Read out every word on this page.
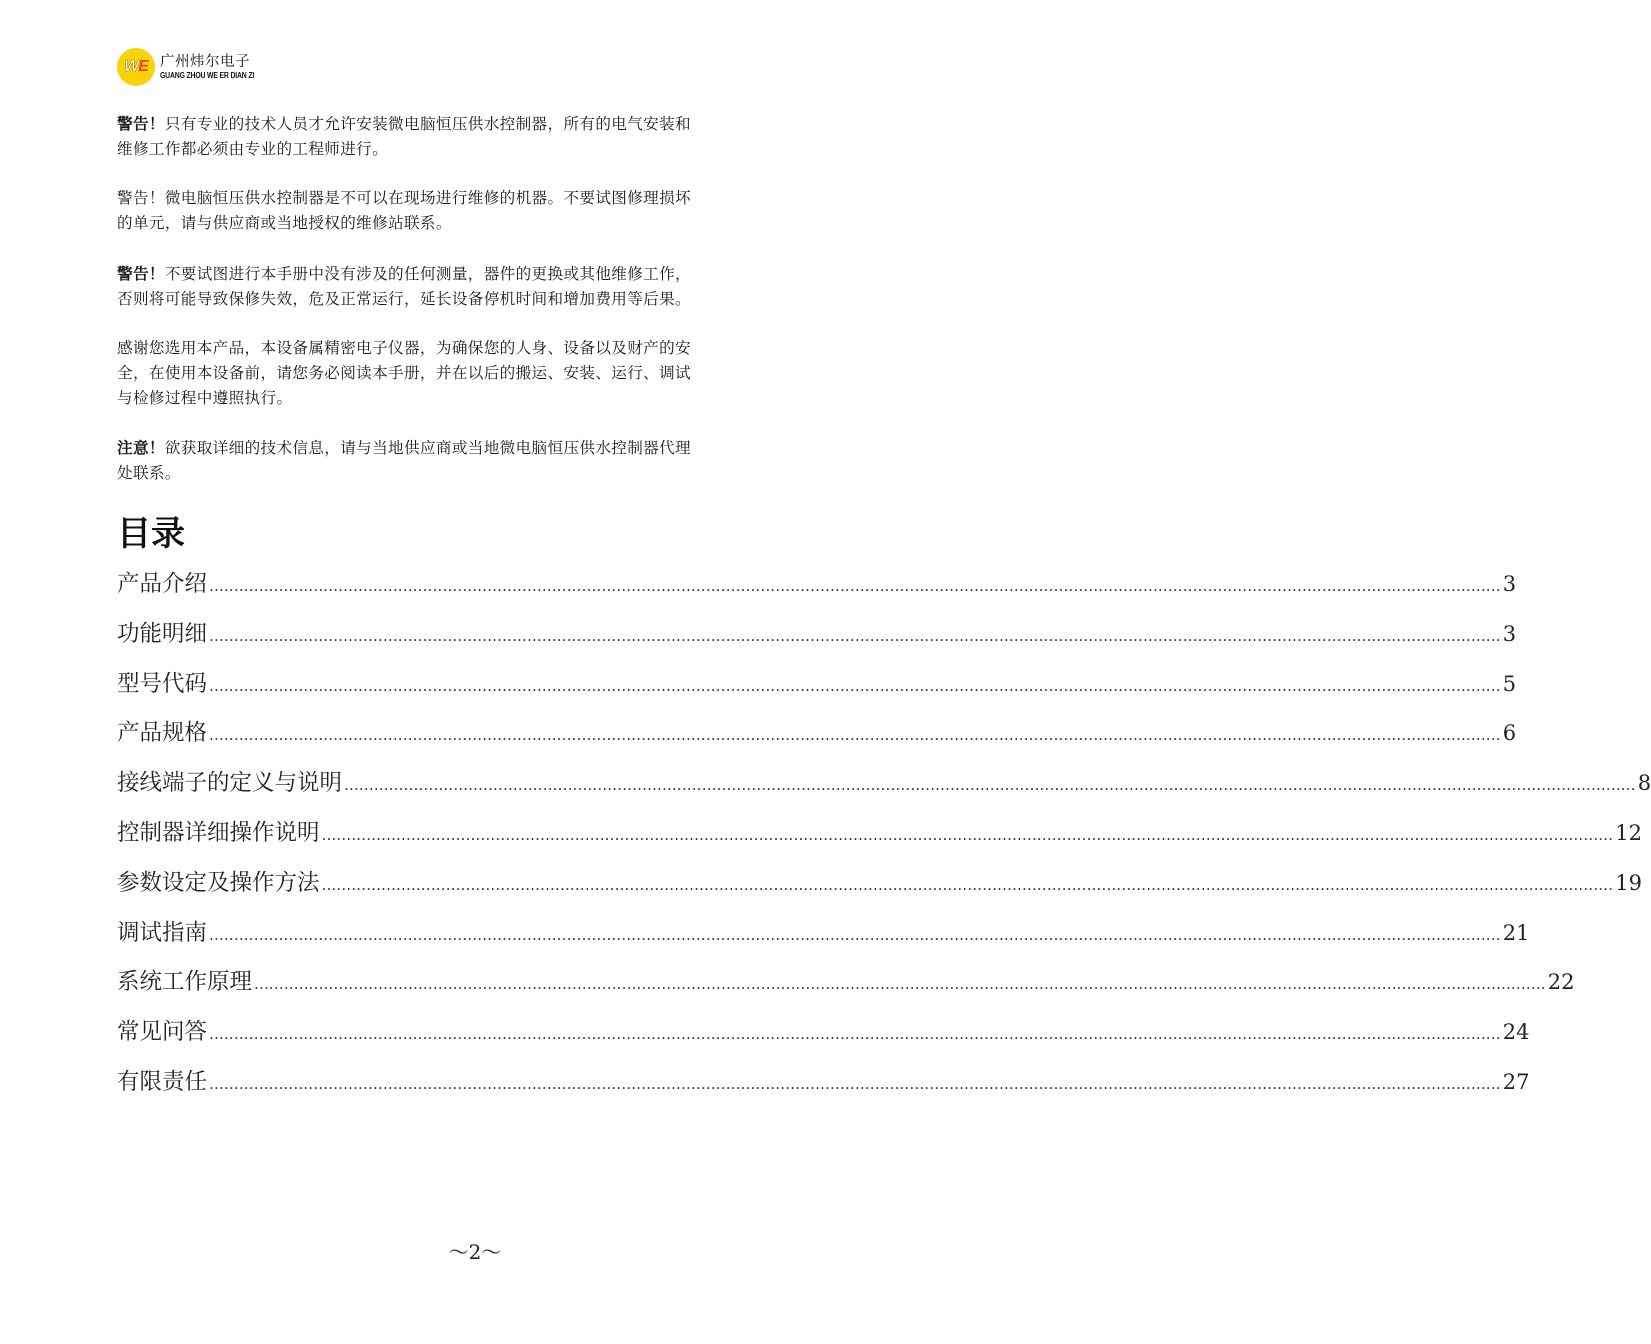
W E 广州炜尔电子
GUANG ZHOU WE ER DIAN ZI
警告！只有专业的技术人员才允许安装微电脑恒压供水控制器，所有的电气安装和
维修工作都必须由专业的工程师进行。
警告！微电脑恒压供水控制器是不可以在现场进行维修的机器。不要试图修理损坏
的单元，请与供应商或当地授权的维修站联系。
警告！不要试图进行本手册中没有涉及的任何测量，器件的更换或其他维修工作，
否则将可能导致保修失效，危及正常运行，延长设备停机时间和增加费用等后果。
感谢您选用本产品，本设备属精密电子仪器，为确保您的人身、设备以及财产的安
全，在使用本设备前，请您务必阅读本手册，并在以后的搬运、安装、运行、调试
与检修过程中遵照执行。
注意！欲获取详细的技术信息，请与当地供应商或当地微电脑恒压供水控制器代理
处联系。
目录
产品介绍 .................................................................................................................................................................................................................................................................... 3
功能明细 .................................................................................................................................................................................................................................................................... 3
型号代码 .................................................................................................................................................................................................................................................................... 5
产品规格 .................................................................................................................................................................................................................................................................... 6
接线端子的定义与说明 .................................................................................................................................................................................................................................................................... 8
控制器详细操作说明 .................................................................................................................................................................................................................................................................... 12
参数设定及操作方法 .................................................................................................................................................................................................................................................................... 19
调试指南 .................................................................................................................................................................................................................................................................... 21
系统工作原理 .................................................................................................................................................................................................................................................................... 22
常见问答 .................................................................................................................................................................................................................................................................... 24
有限责任 .................................................................................................................................................................................................................................................................... 27
～2～
